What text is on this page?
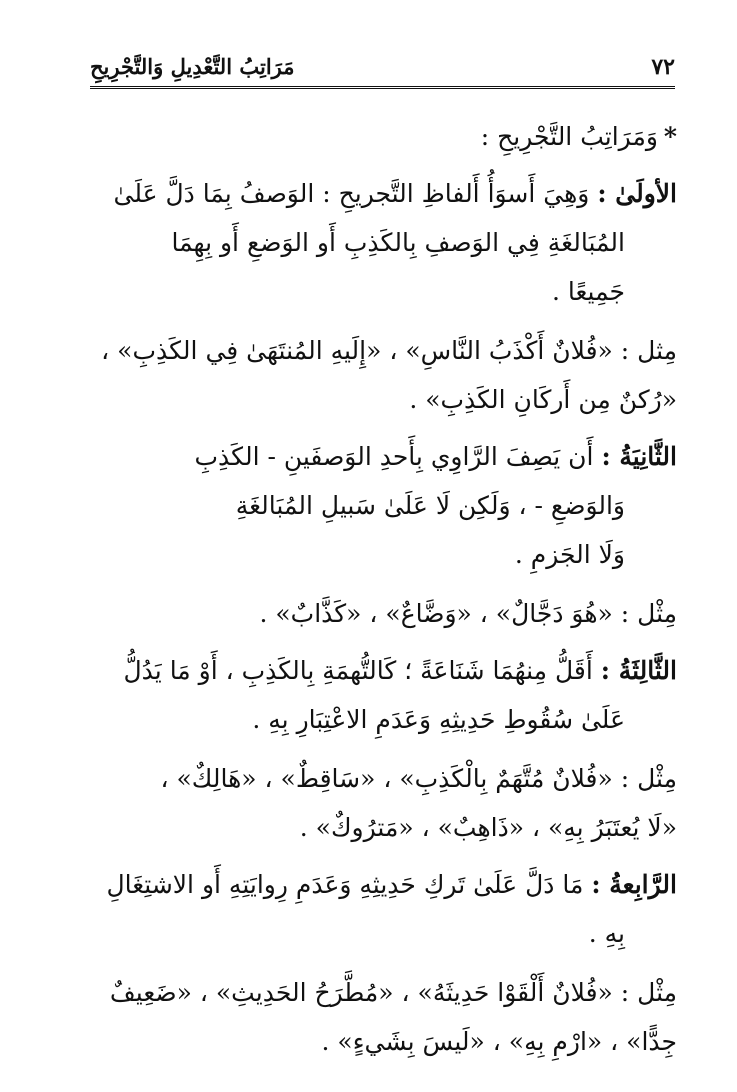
٧٢
مَرَاتِبُ التَّعْدِيلِ وَالتَّجْرِيحِ

*وَمَرَاتِبُ التَّجْرِيحِ :

الأولَىٰ : وَهِيَ أَسوَأُ أَلفاظِ التَّجريحِ : الوَصفُ بِمَا دَلَّ عَلَىٰ

المُبَالغَةِ فِي الوَصفِ بِالكَذِبِ أَو الوَضعِ أَو بِهِمَا

جَمِيعًا .

مِثل : «فُلانٌ أَكْذَبُ النَّاسِ» ، «إِلَيهِ المُنتَهَىٰ فِي الكَذِبِ» ،

«رُكنٌ مِن أَركَانِ الكَذِبِ» .

الثَّانِيَةُ : أَن يَصِفَ الرَّاوِي بِأَحدِ الوَصفَينِ - الكَذِبِ

وَالوَضعِ - ، وَلَكِن لَا عَلَىٰ سَبيلِ المُبَالغَةِ

وَلَا الجَزمِ .

مِثْل : «هُوَ دَجَّالٌ» ، «وَضَّاعٌ» ، «كَذَّابٌ» .

الثَّالِثَةُ : أَقَلُّ مِنهُمَا شَنَاعَةً ؛ كَالتُّهمَةِ بِالكَذِبِ ، أَوْ مَا يَدُلُّ

عَلَىٰ سُقُوطِ حَدِيثِهِ وَعَدَمِ الاعْتِبَارِ بِهِ .

مِثْل : «فُلانٌ مُتَّهَمٌ بِالْكَذِبِ» ، «سَاقِطٌ» ، «هَالِكٌ» ،

«لَا يُعتَبَرُ بِهِ» ، «ذَاهِبٌ» ، «مَترُوكٌ» .

الرَّابِعةُ : مَا دَلَّ عَلَىٰ تَركِ حَدِيثِهِ وَعَدَمِ رِوايَتِهِ أَو الاشتِغَالِ

بِهِ .

مِثْل : «فُلانٌ أَلْقَوْا حَدِيثَهُ» ، «مُطَّرَحُ الحَدِيثِ» ، «ضَعِيفٌ

جِدًّا» ، «ارْمِ بِهِ» ، «لَيسَ بِشَيءٍ» .
